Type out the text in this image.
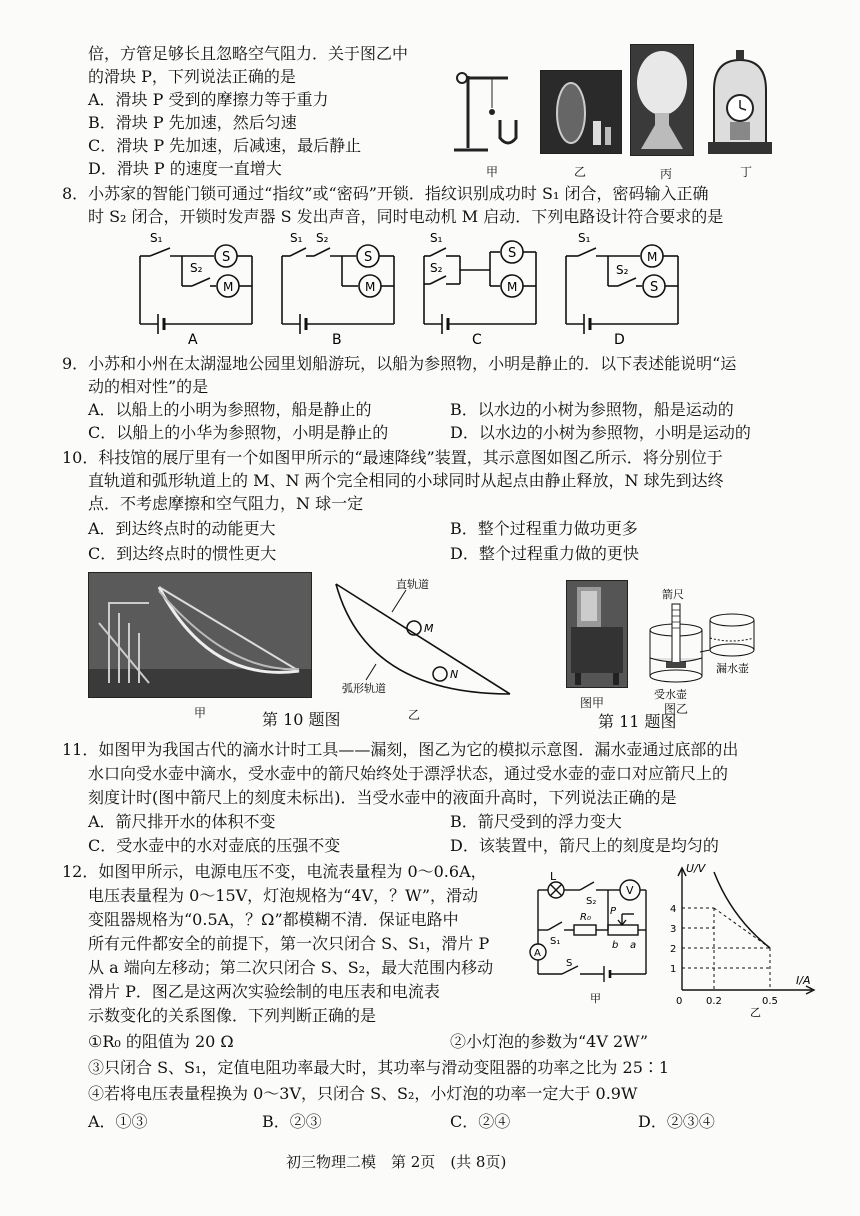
倍，方管足够长且忽略空气阻力．关于图乙中
的滑块 P，下列说法正确的是
A．滑块 P 受到的摩擦力等于重力
B．滑块 P 先加速，然后匀速
C．滑块 P 先加速，后减速，最后静止
D．滑块 P 的速度一直增大	甲	乙	丙	丁
8．小苏家的智能门锁可通过“指纹”或“密码”开锁．指纹识别成功时 S₁ 闭合，密码输入正确
时 S₂ 闭合，开锁时发声器 S 发出声音，同时电动机 M 启动．下列电路设计符合要求的是
S
M
S₁
S₂
A
S
M
S₁ S₂
B
S
M
S₁
S₂
C
M
S
S₁
S₂
D
9．小苏和小州在太湖湿地公园里划船游玩，以船为参照物，小明是静止的．以下表述能说明“运
动的相对性”的是
A．以船上的小明为参照物，船是静止的	B．以水边的小树为参照物，船是运动的
C．以船上的小华为参照物，小明是静止的	D．以水边的小树为参照物，小明是运动的
10．科技馆的展厅里有一个如图甲所示的“最速降线”装置，其示意图如图乙所示．将分别位于
直轨道和弧形轨道上的 M、N 两个完全相同的小球同时从起点由静止释放，N 球先到达终
点．不考虑摩擦和空气阻力，N 球一定
A．到达终点时的动能更大	B．整个过程重力做功更多
C．到达终点时的惯性更大	D．整个过程重力做的更快
甲
直轨道
M
N
弧形轨道
乙
第 10 题图
图甲
箭尺
漏水壶
受水壶
图乙
第 11 题图
11．如图甲为我国古代的滴水计时工具——漏刻，图乙为它的模拟示意图．漏水壶通过底部的出
水口向受水壶中滴水，受水壶中的箭尺始终处于漂浮状态，通过受水壶的壶口对应箭尺上的
刻度计时(图中箭尺上的刻度未标出)．当受水壶中的液面升高时，下列说法正确的是
A．箭尺排开水的体积不变	B．箭尺受到的浮力变大
C．受水壶中的水对壶底的压强不变	D．该装置中，箭尺上的刻度是均匀的
12．如图甲所示，电源电压不变，电流表量程为 0～0.6A，
电压表量程为 0～15V，灯泡规格为“4V，？W”，滑动
变阻器规格为“0.5A，？Ω”都模糊不清．保证电路中
所有元件都安全的前提下，第一次只闭合 S、S₁，滑片 P
从 a 端向左移动；第二次只闭合 S、S₂，最大范围内移动
滑片 P．图乙是这两次实验绘制的电压表和电流表
示数变化的关系图像．下列判断正确的是
①R₀ 的阻值为 20 Ω	②小灯泡的参数为“4V 2W”
③只闭合 S、S₁，定值电阻功率最大时，其功率与滑动变阻器的功率之比为 25∶1
④若将电压表量程换为 0～3V，只闭合 S、S₂，小灯泡的功率一定大于 0.9W
A．①③	B．②③	C．②④	D．②③④
L
S₂
V
S₁
R₀
P
b a
A
S
甲
U/V
I/A
4
3
2
1
0 0.2	0.5
乙
初三物理二模　第 2页　(共 8页)
